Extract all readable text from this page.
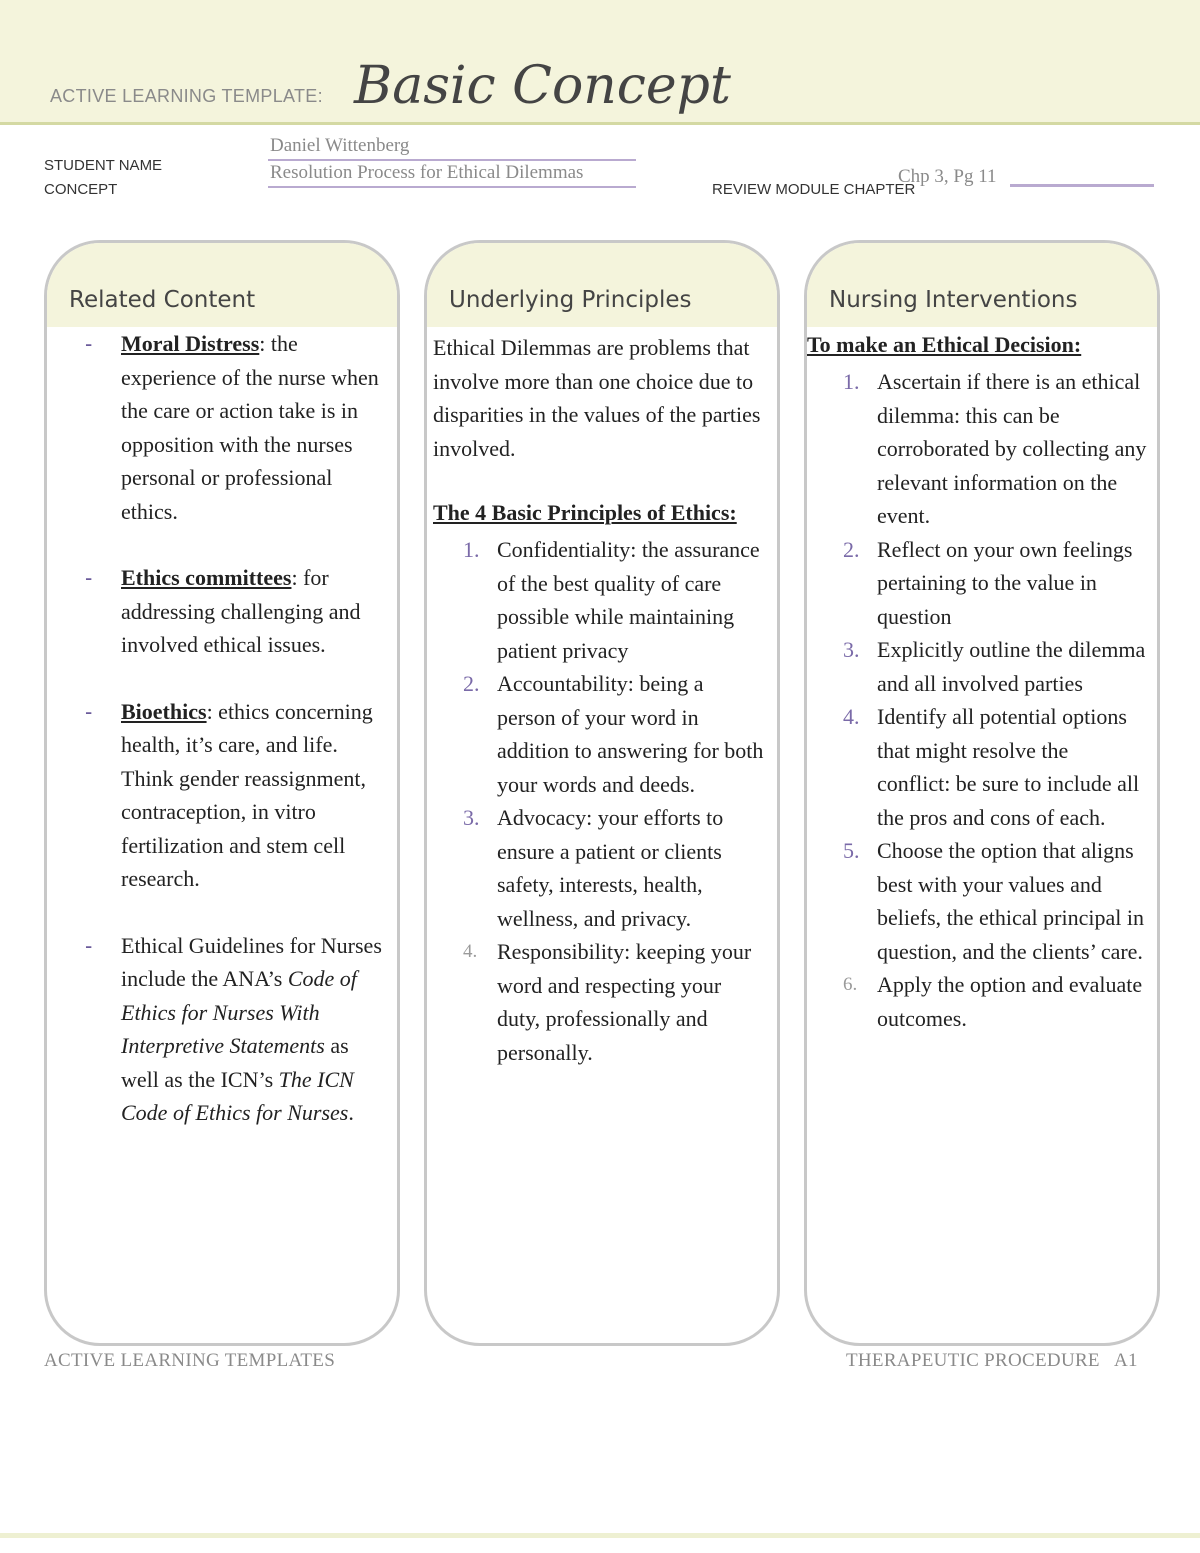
ACTIVE LEARNING TEMPLATE: Basic Concept
STUDENT NAME
Daniel Wittenberg
CONCEPT
Resolution Process for Ethical Dilemmas
REVIEW MODULE CHAPTER
Chp 3, Pg 11
Related Content
- Moral Distress: the experience of the nurse when the care or action take is in opposition with the nurses personal or professional ethics.
- Ethics committees: for addressing challenging and involved ethical issues.
- Bioethics: ethics concerning health, it’s care, and life. Think gender reassignment, contraception, in vitro fertilization and stem cell research.
- Ethical Guidelines for Nurses include the ANA’s Code of Ethics for Nurses With Interpretive Statements as well as the ICN’s The ICN Code of Ethics for Nurses.
Underlying Principles
Ethical Dilemmas are problems that involve more than one choice due to disparities in the values of the parties involved.
The 4 Basic Principles of Ethics:
1. Confidentiality: the assurance of the best quality of care possible while maintaining patient privacy
2. Accountability: being a person of your word in addition to answering for both your words and deeds.
3. Advocacy: your efforts to ensure a patient or clients safety, interests, health, wellness, and privacy.
4. Responsibility: keeping your word and respecting your duty, professionally and personally.
Nursing Interventions
To make an Ethical Decision:
1. Ascertain if there is an ethical dilemma: this can be corroborated by collecting any relevant information on the event.
2. Reflect on your own feelings pertaining to the value in question
3. Explicitly outline the dilemma and all involved parties
4. Identify all potential options that might resolve the conflict: be sure to include all the pros and cons of each.
5. Choose the option that aligns best with your values and beliefs, the ethical principal in question, and the clients’ care.
6. Apply the option and evaluate outcomes.
ACTIVE LEARNING TEMPLATES	THERAPEUTIC PROCEDURE   A1
